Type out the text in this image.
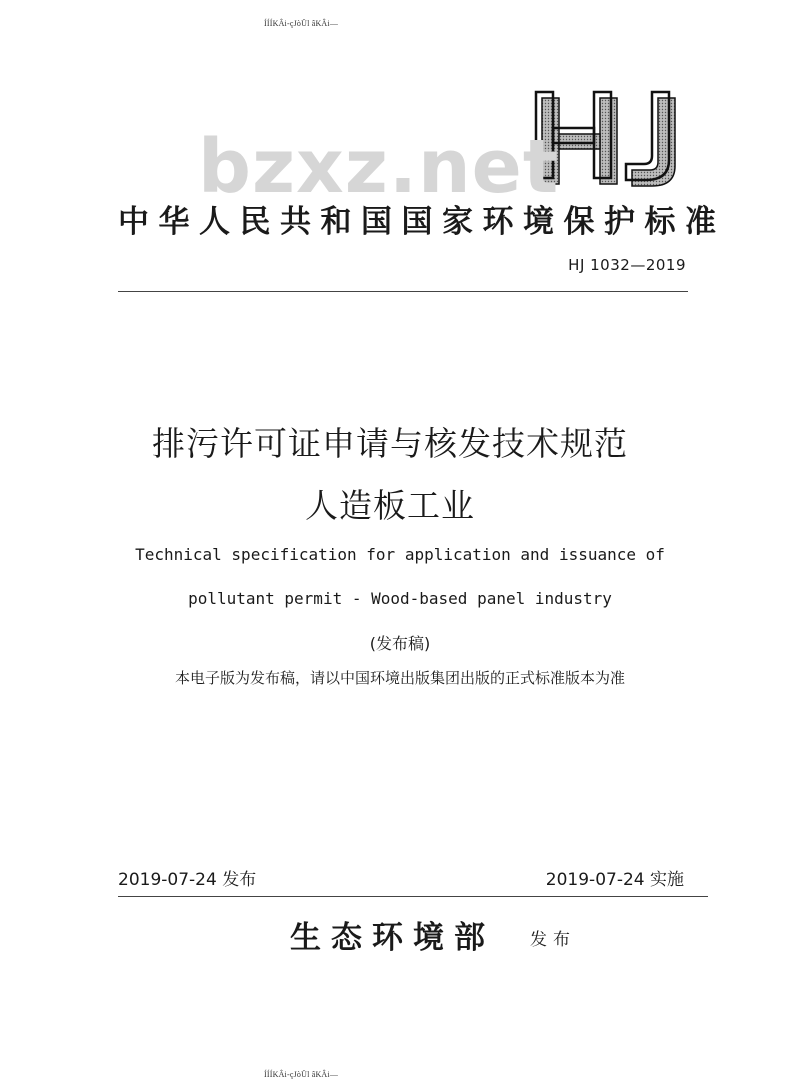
ÍÍÍKÂi-çJòÜl âKÂi—
bzxz.net
中华人民共和国国家环境保护标准
HJ 1032—2019
排污许可证申请与核发技术规范
人造板工业
Technical specification for application and issuance of
pollutant permit - Wood-based panel industry
(发布稿)
本电子版为发布稿，请以中国环境出版集团出版的正式标准版本为准
2019-07-24 发布	2019-07-24 实施
生态环境部 发布
ÍÍÍKÂi-çJòÜl âKÂi—
